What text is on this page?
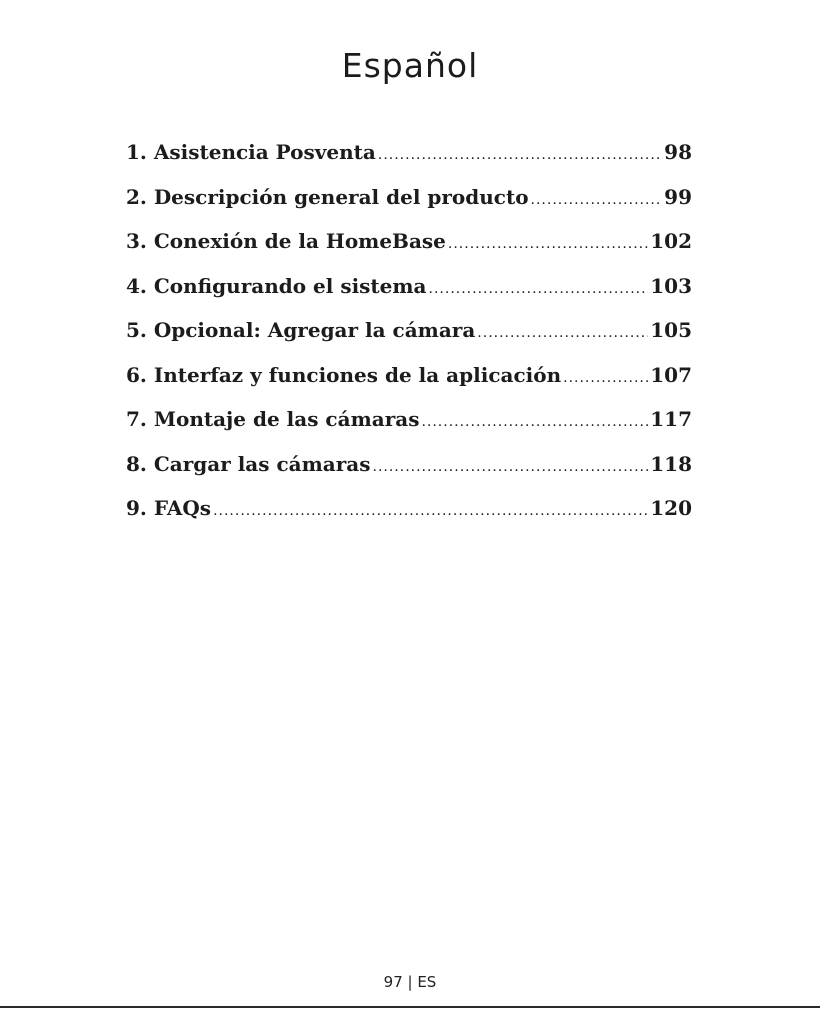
Español
1. Asistencia Posventa .....	98
2. Descripción general del producto .....	99
3. Conexión de la HomeBase .....	102
4. Configurando el sistema .....	103
5. Opcional: Agregar la cámara .....	105
6. Interfaz y funciones de la aplicación .....	107
7. Montaje de las cámaras .....	117
8. Cargar las cámaras .....	118
9. FAQs .....	120
97 | ES
